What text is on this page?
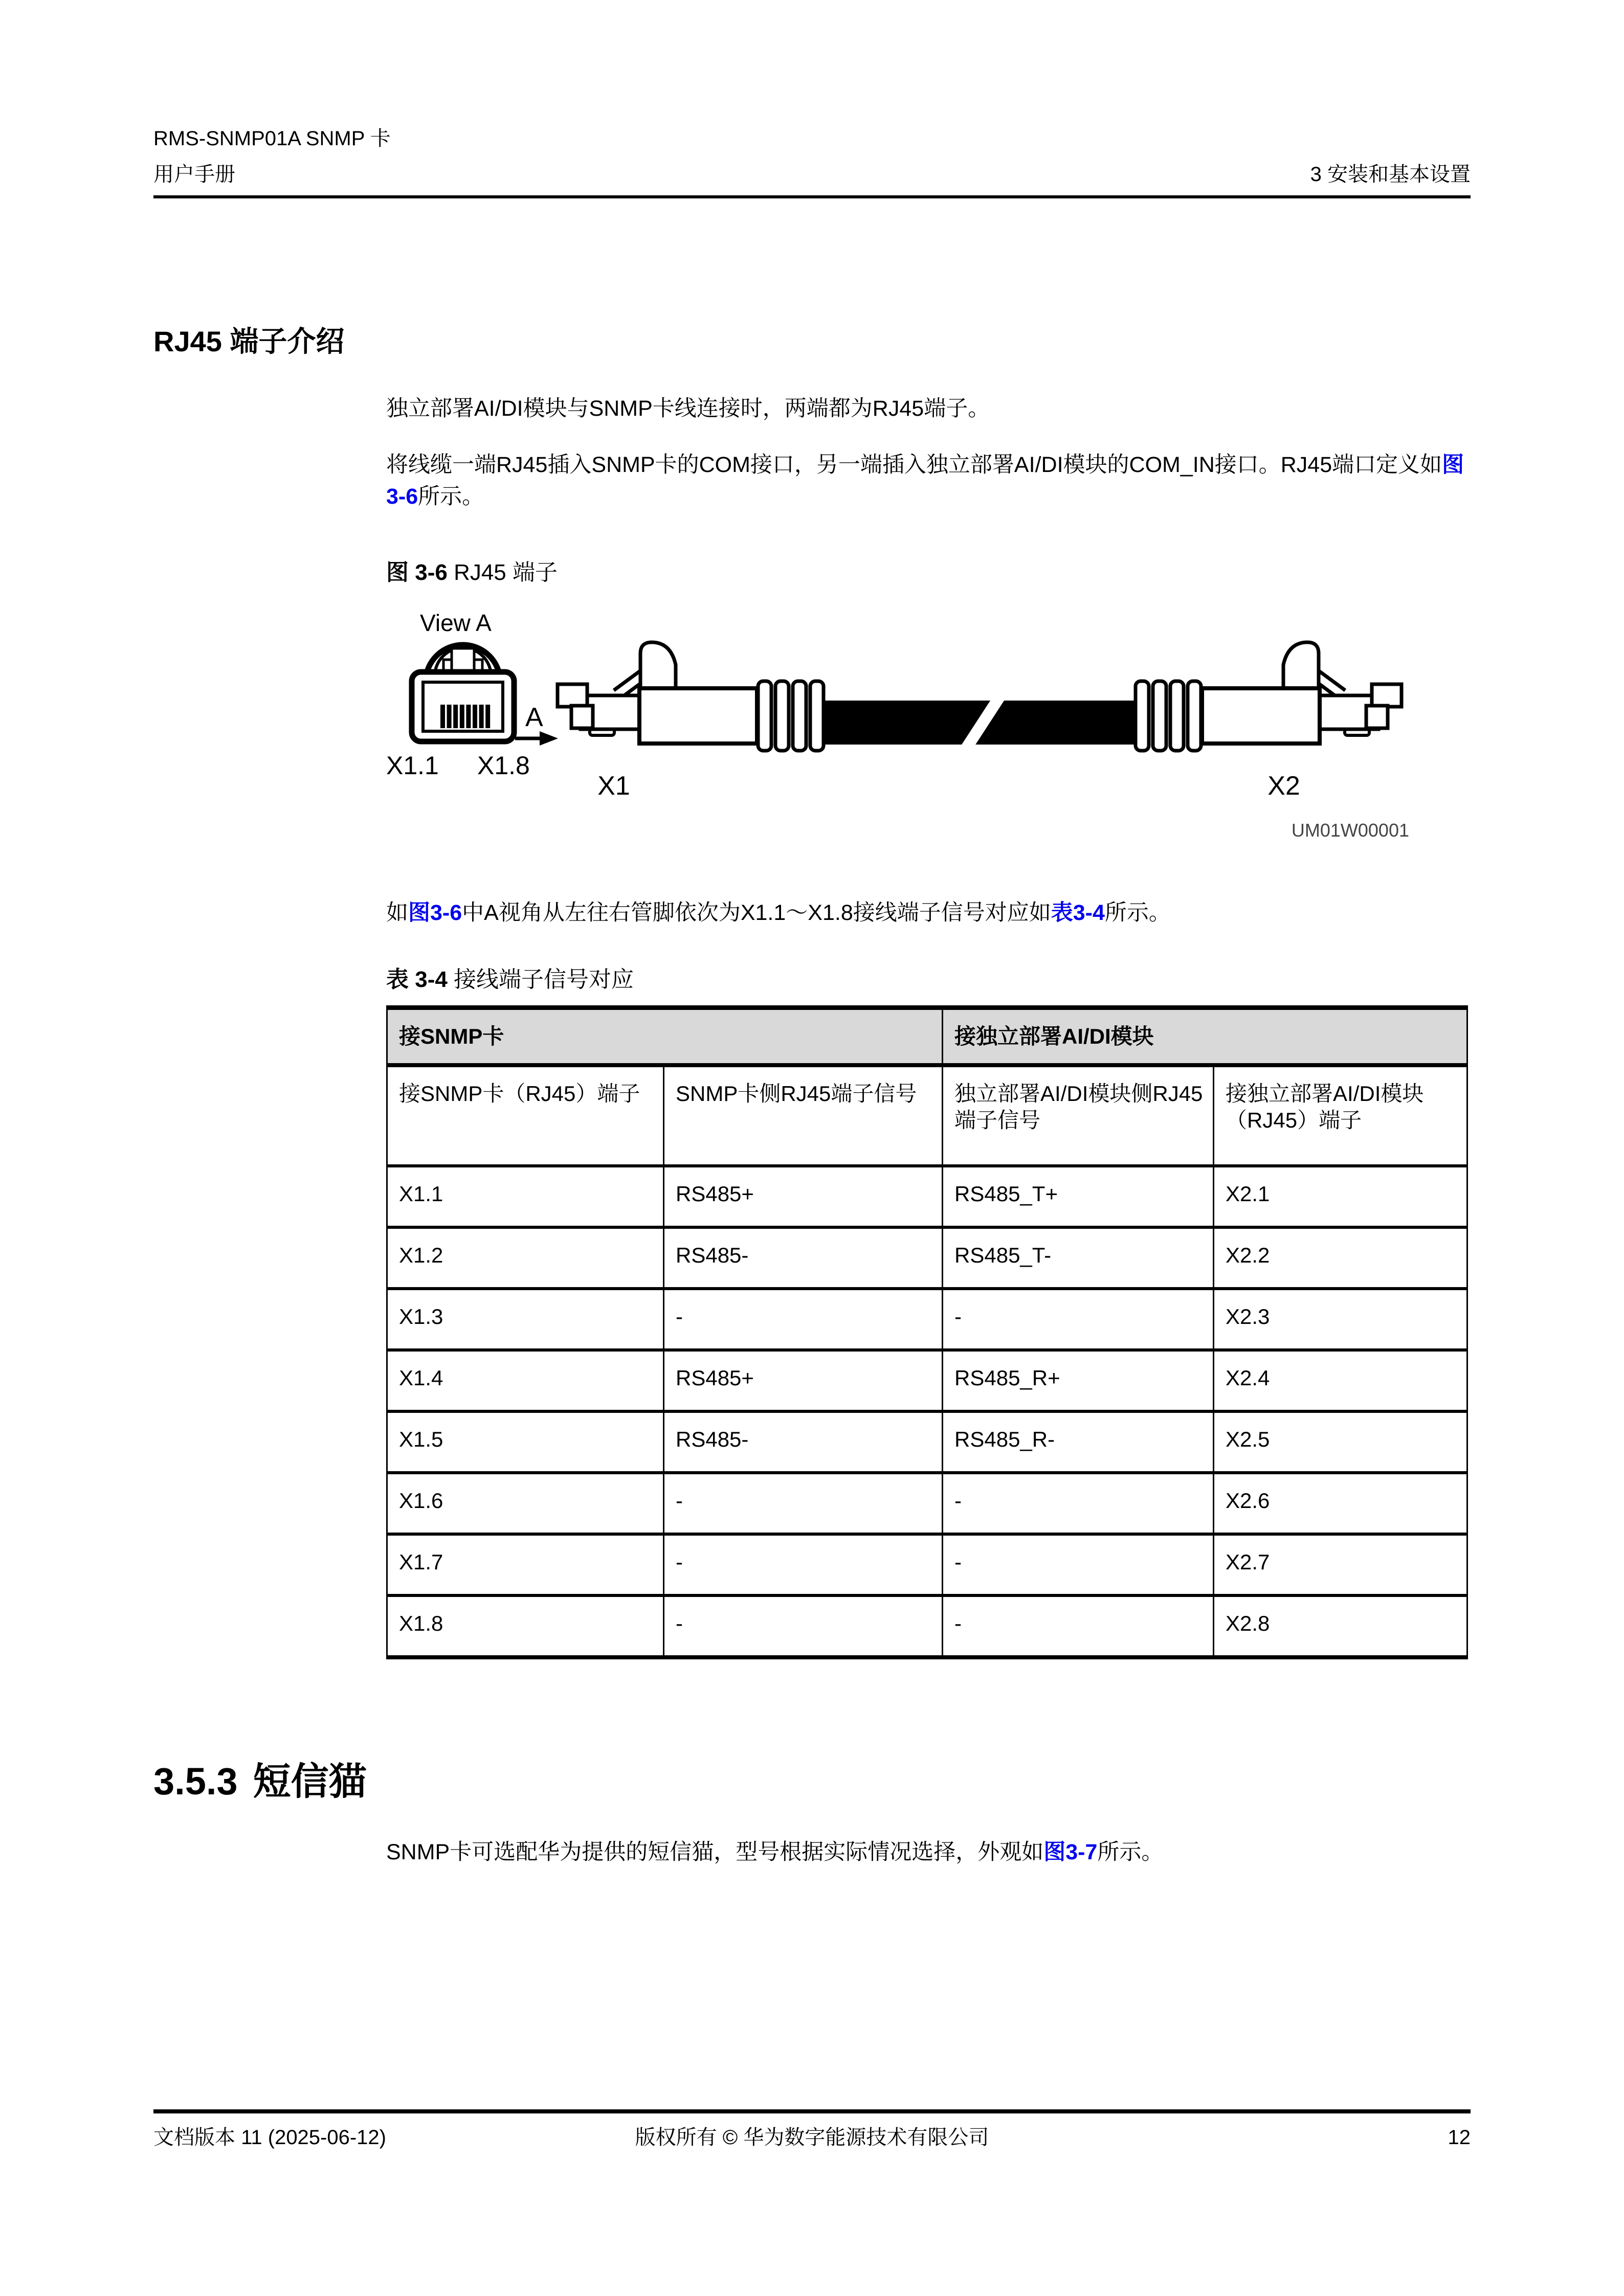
RMS-SNMP01A SNMP 卡
用户手册	3 安装和基本设置
RJ45 端子介绍

独立部署AI/DI模块与SNMP卡线连接时，两端都为RJ45端子。

将线缆一端RJ45插入SNMP卡的COM接口，另一端插入独立部署AI/DI模块的COM_IN接口。RJ45端口定义如图3-6所示。

图 3-6 RJ45 端子

View A
X1.1 X1.8
A
X1	X2
UM01W00001

如图3-6中A视角从左往右管脚依次为X1.1～X1.8接线端子信号对应如表3-4所示。

表 3-4 接线端子信号对应

接SNMP卡		接独立部署AI/DI模块	
接SNMP卡（RJ45）端子	SNMP卡侧RJ45端子信号	独立部署AI/DI模块侧RJ45端子信号	接独立部署AI/DI模块（RJ45）端子
X1.1	RS485+	RS485_T+	X2.1
X1.2	RS485-	RS485_T-	X2.2
X1.3	-	-	X2.3
X1.4	RS485+	RS485_R+	X2.4
X1.5	RS485-	RS485_R-	X2.5
X1.6	-	-	X2.6
X1.7	-	-	X2.7
X1.8	-	-	X2.8
3.5.3 短信猫

SNMP卡可选配华为提供的短信猫，型号根据实际情况选择，外观如图3-7所示。

文档版本 11 (2025-06-12)	版权所有 © 华为数字能源技术有限公司	12
